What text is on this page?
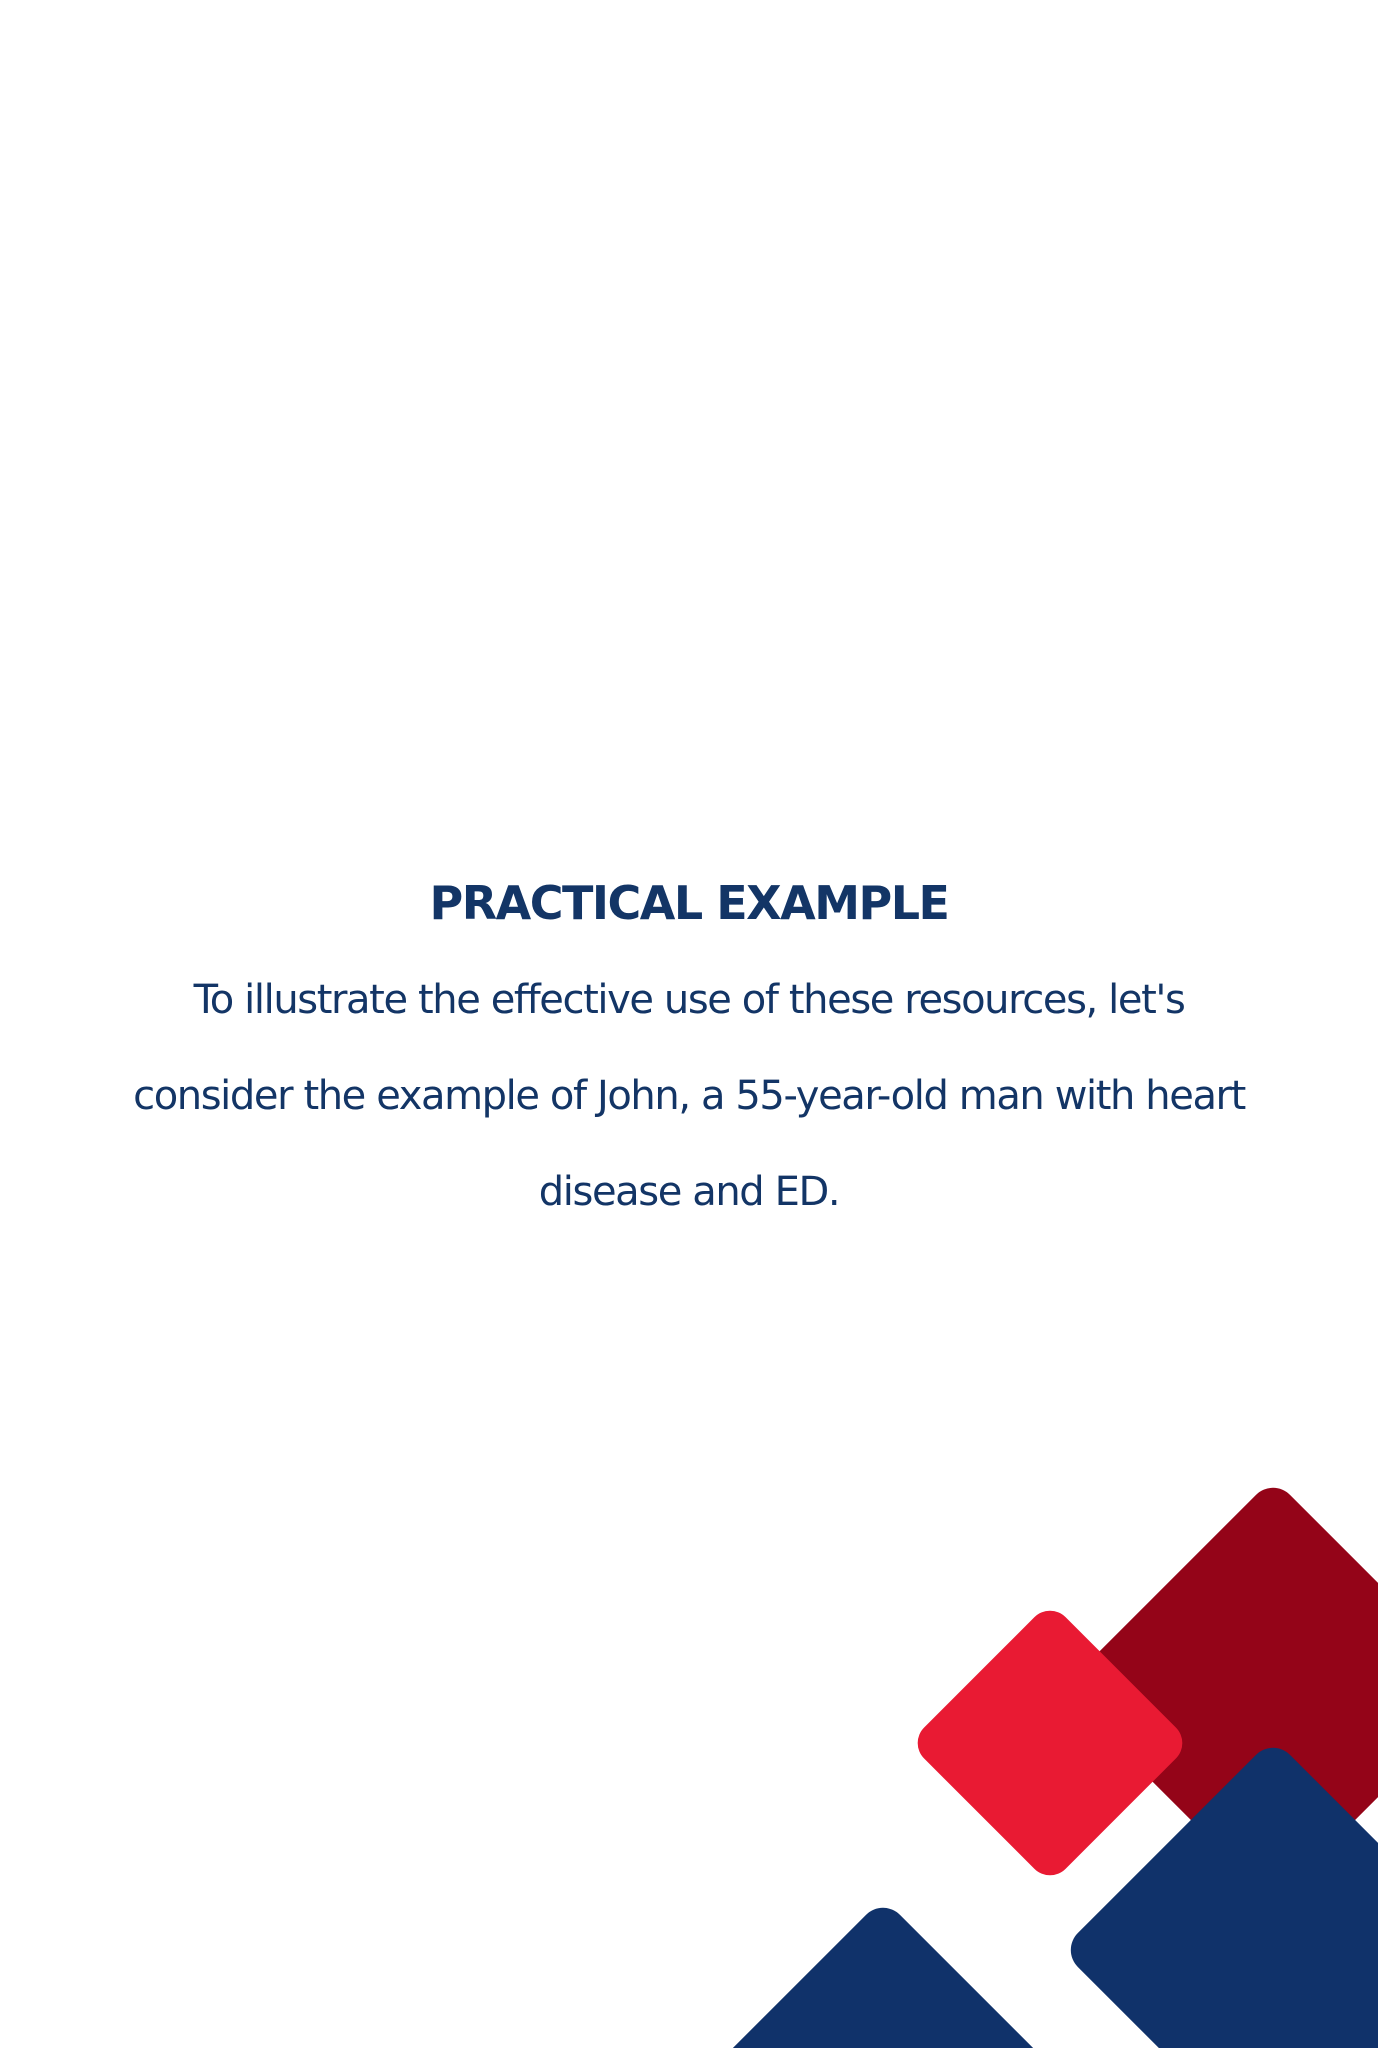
PRACTICAL EXAMPLE

To illustrate the effective use of these resources, let's consider the example of John, a 55-year-old man with heart disease and ED.
